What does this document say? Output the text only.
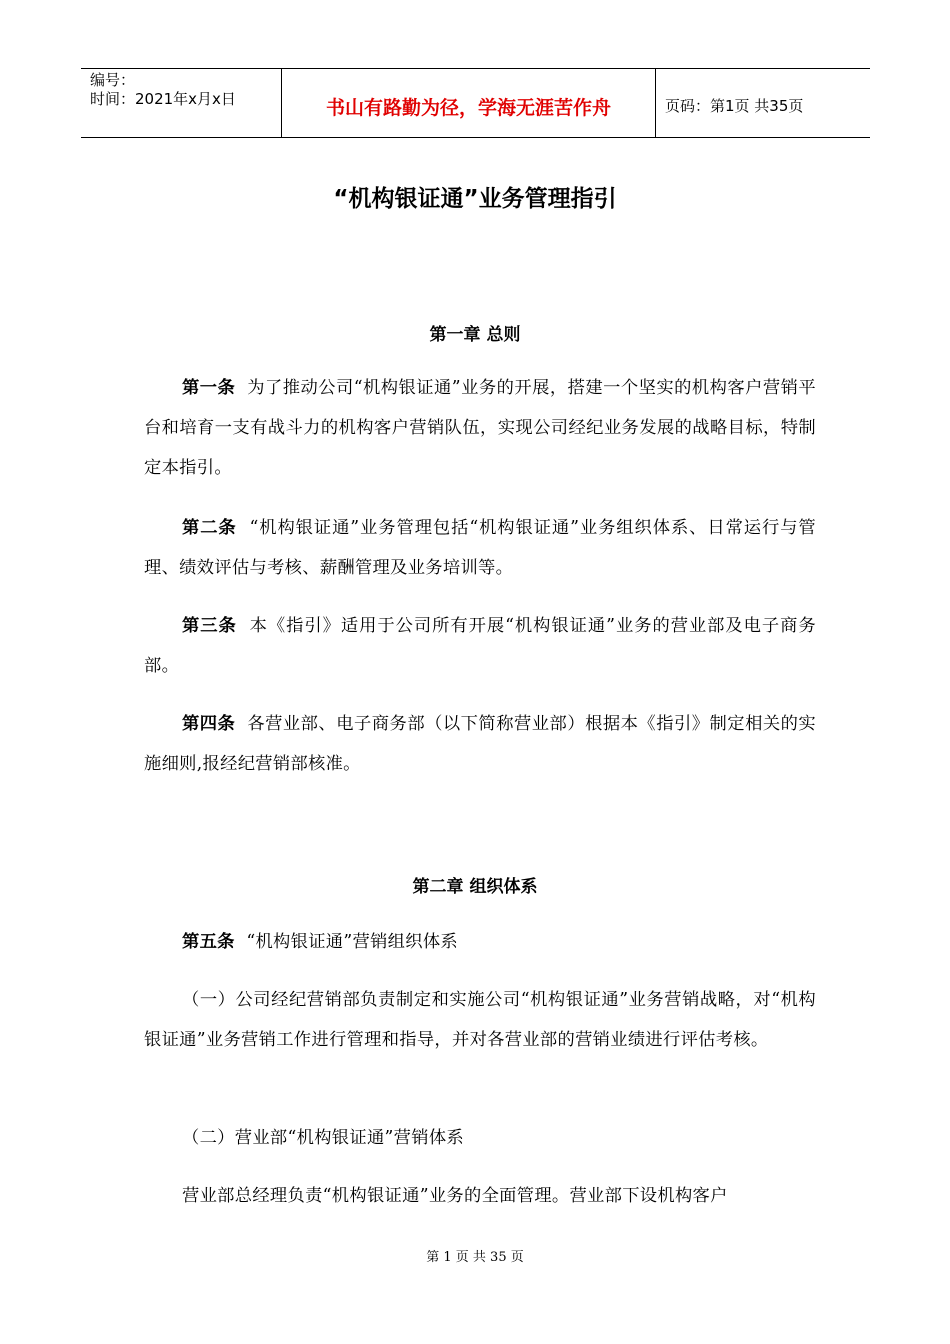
编号：
时间：2021年x月x日	书山有路勤为径，学海无涯苦作舟	页码：第1页 共35页
“机构银证通”业务管理指引
第一章 总则
第一条 为了推动公司“机构银证通”业务的开展，搭建一个坚实的机构客户营销平台和培育一支有战斗力的机构客户营销队伍，实现公司经纪业务发展的战略目标，特制定本指引。
第二条 “机构银证通”业务管理包括“机构银证通”业务组织体系、日常运行与管理、绩效评估与考核、薪酬管理及业务培训等。
第三条 本《指引》适用于公司所有开展“机构银证通”业务的营业部及电子商务部。
第四条 各营业部、电子商务部（以下简称营业部）根据本《指引》制定相关的实施细则,报经纪营销部核准。
第二章 组织体系
第五条 “机构银证通”营销组织体系
（一）公司经纪营销部负责制定和实施公司“机构银证通”业务营销战略，对“机构银证通”业务营销工作进行管理和指导，并对各营业部的营销业绩进行评估考核。
（二）营业部“机构银证通”营销体系
营业部总经理负责“机构银证通”业务的全面管理。营业部下设机构客户
第 1 页 共 35 页
